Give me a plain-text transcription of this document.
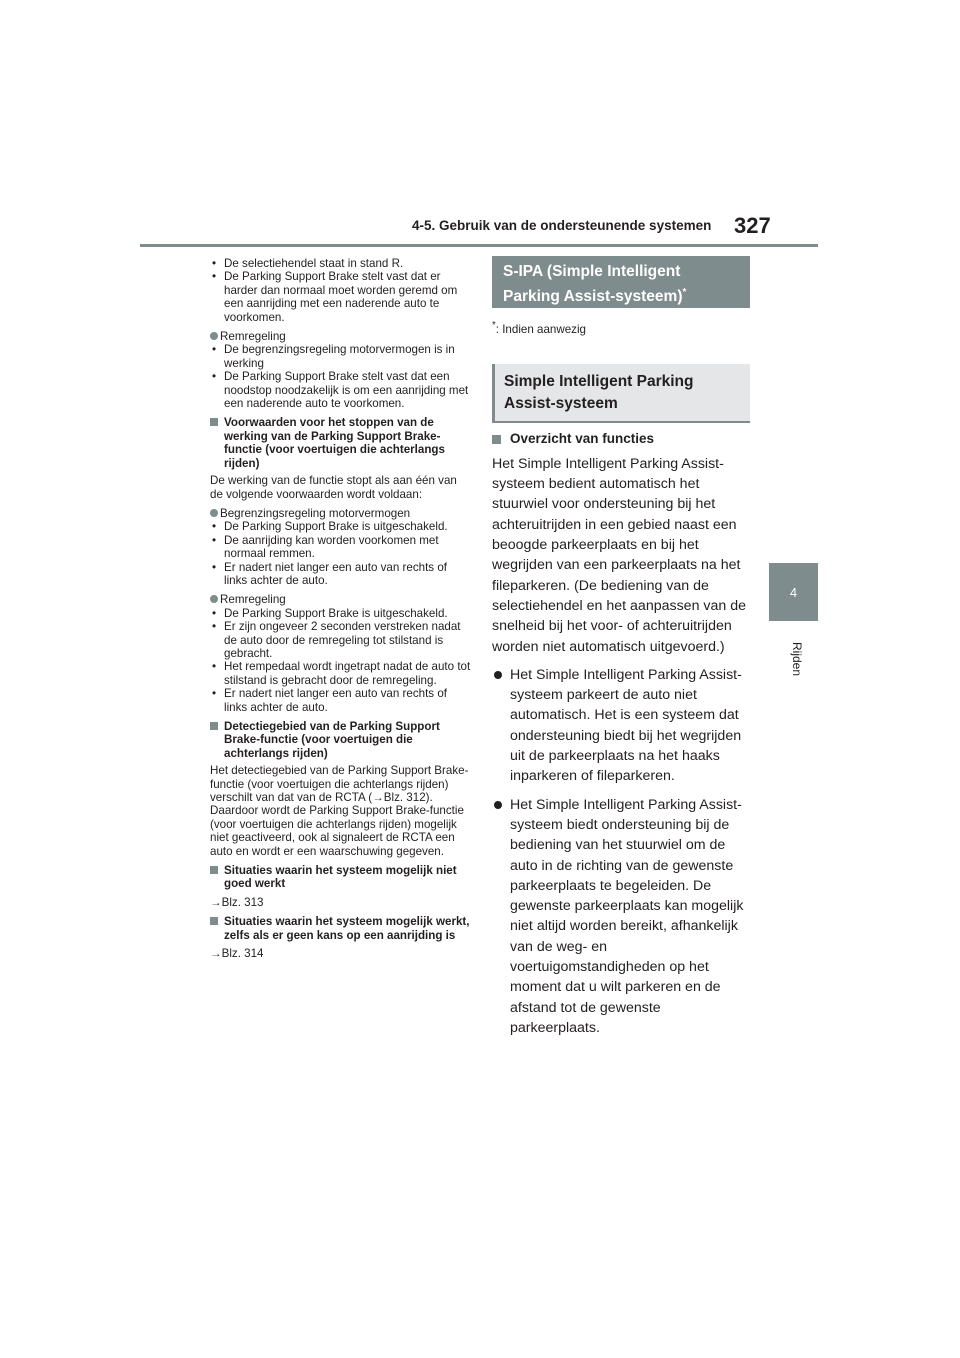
4-5. Gebruik van de ondersteunende systemen 327
4
Rijden
• De selectiehendel staat in stand R.
• De Parking Support Brake stelt vast dat er harder dan normaal moet worden geremd om een aanrijding met een naderende auto te voorkomen.
Remregeling
• De begrenzingsregeling motorvermogen is in werking
• De Parking Support Brake stelt vast dat een noodstop noodzakelijk is om een aanrijding met een naderende auto te voorkomen.
Voorwaarden voor het stoppen van de werking van de Parking Support Brake-functie (voor voertuigen die achterlangs rijden)
De werking van de functie stopt als aan één van de volgende voorwaarden wordt voldaan:
Begrenzingsregeling motorvermogen
• De Parking Support Brake is uitgeschakeld.
• De aanrijding kan worden voorkomen met normaal remmen.
• Er nadert niet langer een auto van rechts of links achter de auto.
Remregeling
• De Parking Support Brake is uitgeschakeld.
• Er zijn ongeveer 2 seconden verstreken nadat de auto door de remregeling tot stilstand is gebracht.
• Het rempedaal wordt ingetrapt nadat de auto tot stilstand is gebracht door de remregeling.
• Er nadert niet langer een auto van rechts of links achter de auto.
Detectiegebied van de Parking Support Brake-functie (voor voertuigen die achterlangs rijden)
Het detectiegebied van de Parking Support Brake-functie (voor voertuigen die achterlangs rijden) verschilt van dat van de RCTA (→Blz. 312). Daardoor wordt de Parking Support Brake-functie (voor voertuigen die achterlangs rijden) mogelijk niet geactiveerd, ook al signaleert de RCTA een auto en wordt er een waarschuwing gegeven.
Situaties waarin het systeem mogelijk niet goed werkt
→Blz. 313
Situaties waarin het systeem mogelijk werkt, zelfs als er geen kans op een aanrijding is
→Blz. 314
S-IPA (Simple Intelligent Parking Assist-systeem)*
*: Indien aanwezig
Simple Intelligent Parking Assist-systeem
Overzicht van functies
Het Simple Intelligent Parking Assist-systeem bedient automatisch het stuurwiel voor ondersteuning bij het achteruitrijden in een gebied naast een beoogde parkeerplaats en bij het wegrijden van een parkeerplaats na het fileparkeren. (De bediening van de selectiehendel en het aanpassen van de snelheid bij het voor- of achteruitrijden worden niet automatisch uitgevoerd.)
Het Simple Intelligent Parking Assist-systeem parkeert de auto niet automatisch. Het is een systeem dat ondersteuning biedt bij het wegrijden uit de parkeerplaats na het haaks inparkeren of fileparkeren.
Het Simple Intelligent Parking Assist-systeem biedt ondersteuning bij de bediening van het stuurwiel om de auto in de richting van de gewenste parkeerplaats te begeleiden. De gewenste parkeerplaats kan mogelijk niet altijd worden bereikt, afhankelijk van de weg- en voertuigomstandigheden op het moment dat u wilt parkeren en de afstand tot de gewenste parkeerplaats.
